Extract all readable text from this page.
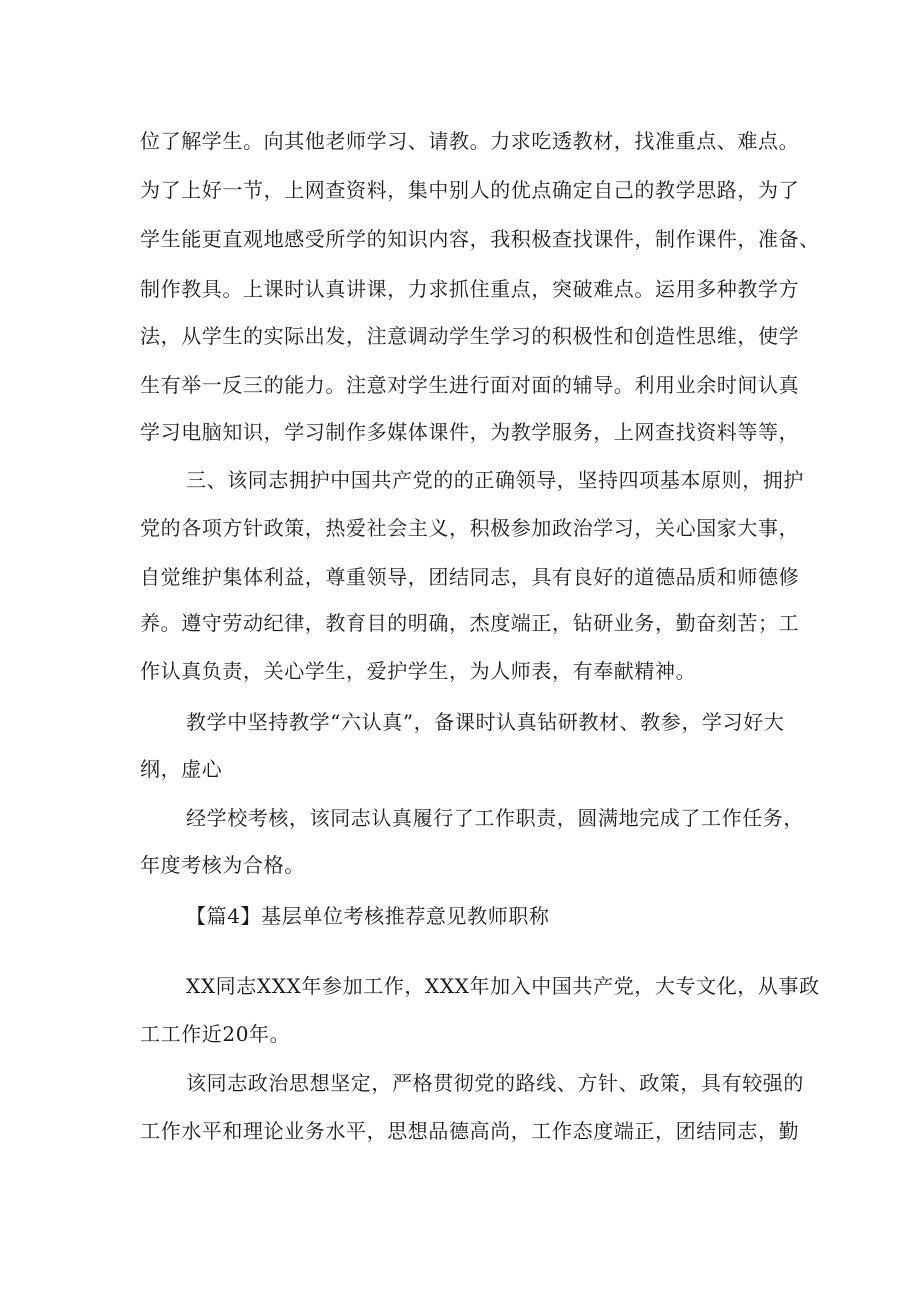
位了解学生。向其他老师学习、请教。力求吃透教材，找准重点、难点。
为了上好一节，上网查资料，集中别人的优点确定自己的教学思路，为了
学生能更直观地感受所学的知识内容，我积极查找课件，制作课件，准备、
制作教具。上课时认真讲课，力求抓住重点，突破难点。运用多种教学方
法，从学生的实际出发，注意调动学生学习的积极性和创造性思维，使学
生有举一反三的能力。注意对学生进行面对面的辅导。利用业余时间认真
学习电脑知识，学习制作多媒体课件，为教学服务，上网查找资料等等，
三、该同志拥护中国共产党的的正确领导，坚持四项基本原则，拥护
党的各项方针政策，热爱社会主义，积极参加政治学习，关心国家大事，
自觉维护集体利益，尊重领导，团结同志，具有良好的道德品质和师德修
养。遵守劳动纪律，教育目的明确，杰度端正，钻研业务，勤奋刻苦；工
作认真负责，关心学生，爱护学生，为人师表，有奉献精神。
教学中坚持教学“六认真”，备课时认真钻研教材、教参，学习好大
纲，虚心
经学校考核，该同志认真履行了工作职责，圆满地完成了工作任务，
年度考核为合格。
【篇4】基层单位考核推荐意见教师职称
XX同志XXX年参加工作，XXX年加入中国共产党，大专文化，从事政
工工作近20年。
该同志政治思想坚定，严格贯彻党的路线、方针、政策，具有较强的
工作水平和理论业务水平，思想品德高尚，工作态度端正，团结同志，勤
